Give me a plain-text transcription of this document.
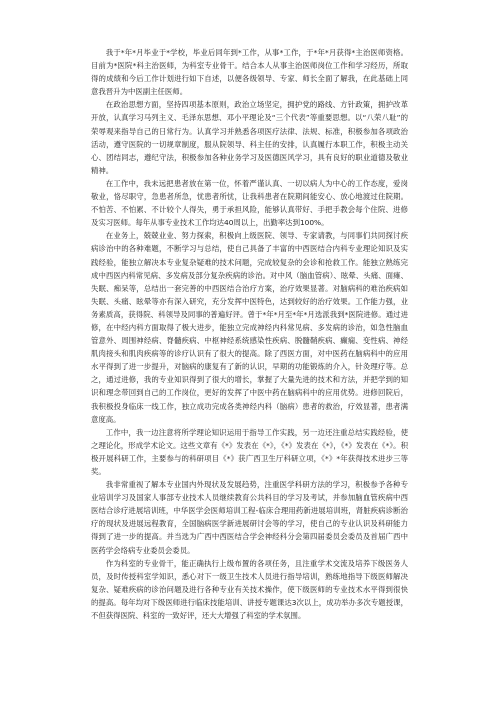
我于*年*月毕业于*学校，毕业后同年到*工作，从事*工作，于*年*月获得*主治医师资格。目前为*医院*科主治医师，为科室专业骨干。结合本人从事主治医师岗位工作和学习经历，所取得的成绩和今后工作计划进行如下自述，以便各级领导、专家、师长全面了解我，在此基础上同意我晋升为中医副主任医师。

在政治思想方面，坚持四项基本原则，政治立场坚定，拥护党的路线、方针政策，拥护改革开放，认真学习马列主义、毛泽东思想、邓小平理论及“三个代表”等重要思想。以“八荣八耻”的荣辱观来指导自己的日常行为。认真学习并熟悉各项医疗法律、法规、标准，积极参加各项政治活动，遵守医院的一切规章制度，服从院领导、科主任的安排，认真履行本职工作，积极主动关心、团结同志，遵纪守法，积极参加各种业务学习及医德医风学习，具有良好的职业道德及敬业精神。

在工作中，我未远把患者放在第一位，怀着严谨认真、一切以病人为中心的工作态度，爱岗敬业，恪尽职守，急患者所急，忧患者所忧，让我科患者在院期间能安心、放心地渡过住院期。不怕苦、不怕累、不计较个人得失，勇于承担风险，能够认真带好、手把手教会每个住院、进修及实习医师。每年从事专业技术工作均达40周以上，出勤率达到100%。

在业务上，兢兢业业、努力探索，积极向上级医院、领导、专家请教，与同事们共同探讨疾病诊治中的各种难题，不断学习与总结，使自己具备了丰富的中西医结合内科专业理论知识及实践经验，能独立解决本专业复杂疑难的技术问题，完成较复杂的会诊和抢救工作。能独立熟练完成中西医内科常见病、多发病及部分复杂疾病的诊治。对中风（脑血管病）、眩晕、头痛、面瘫、失眠、痴呆等，总结出一套完善的中西医结合治疗方案，治疗效果显著。对脑病科的难治疾病如失眠、头痛、眩晕等亦有深入研究，充分发挥中医特色，达到较好的治疗效果。工作能力强，业务素质高，获得院、科领导及同事的普遍好评。曾于*年*月至*年*月选派我到*医院进修。通过进修，在中经内科方面取得了极大进步，能独立完成神经内科常见病、多发病的诊治，如急性脑血管意外、周围神经病、脊髓疾病、中枢神经系统感染性疾病、脱髓鞘疾病、癫痫、变性病、神经肌肉接头和肌肉疾病等的诊疗认识有了很大的提高。除了西医方面，对中医药在脑病科中的应用水平得到了进一步提升，对脑病的康复有了新的认识，早期的功能锻炼的介入，针灸理疗等。总之，通过进修，我的专业知识得到了很大的增长，掌握了大量先进的技术和方法，并把学到的知识和理念带回到自己的工作岗位，更好的发挥了中医中药在脑病科中的应用优势。进修回院后，我积极投身临床一线工作，独立成功完成各类神经内科（脑病）患者的救治，疗效显著，患者满意度高。

工作中，我一边注意将所学理论知识运用于指导工作实践，另一边还注重总结实践经验，使之理论化，形成学术论文。这些文章有《*》发表在《*》，《*》发表在《*》，《*》发表在《*》。积极开展科研工作，主要参与的科研项目《*》获广西卫生厅科研立项，《*》*年获得技术进步三等奖。

我非常重视了解本专业国内外现状及发展趋势，注重医学科研方法的学习，积极参予各种专业培训学习及国家人事部专业技术人员继续教育公共科目的学习及考试，并参加脑血管疾病中西医结合诊疗进展培训班，中华医学会医师培训工程-临床合理用药新进展培训班，肾脏疾病诊断治疗的现状及进展远程教育，全国脑病医学新进展研讨会等的学习，使自己的专业认识及科研能力得到了进一步的提高。并当选为广西中西医结合学会神经科分会第四届委员会委员及首届广西中医药学会络病专业委员会委员。

作为科室的专业骨干，能正确执行上级布置的各项任务，且注重学术交流及培养下级医务人员，及时传授科室学知识，悉心对下一级卫生技术人员进行指导培训，熟练地指导下级医师解决复杂、疑难疾病的诊治问题及进行各种专业有关技术操作，使下级医师的专业技术水平得到很快的提高。每年均对下级医师进行临床技能培训、讲授专题课达3次以上，成功举办多次专题授课，不但获得医院、科室的一致好评，还大大增强了科室的学术氛围。
